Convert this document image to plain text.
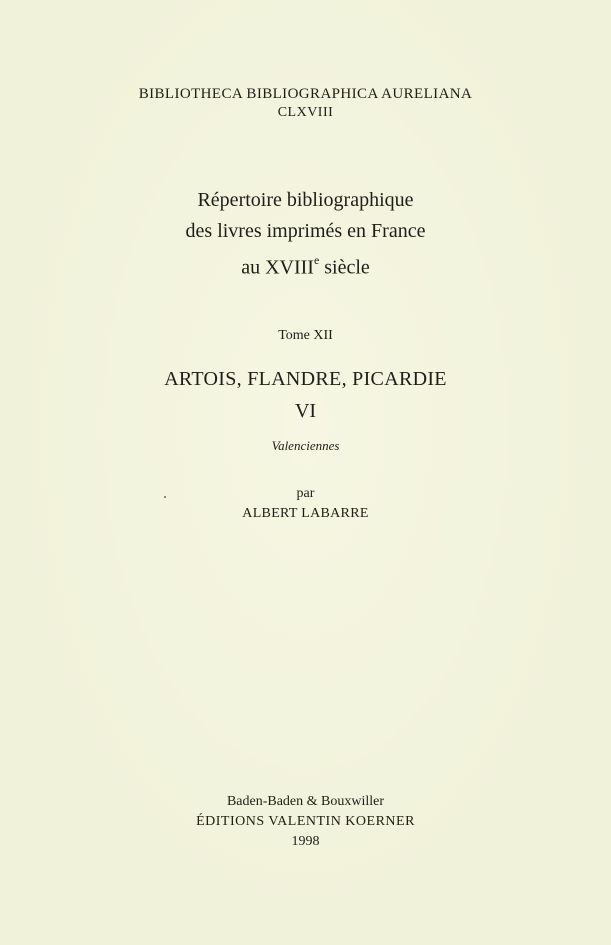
BIBLIOTHECA BIBLIOGRAPHICA AURELIANA
CLXVIII
Répertoire bibliographique
des livres imprimés en France
au XVIIIe siècle
Tome XII
ARTOIS, FLANDRE, PICARDIE
VI
Valenciennes
par
ALBERT LABARRE
Baden-Baden & Bouxwiller
ÉDITIONS VALENTIN KOERNER
1998
